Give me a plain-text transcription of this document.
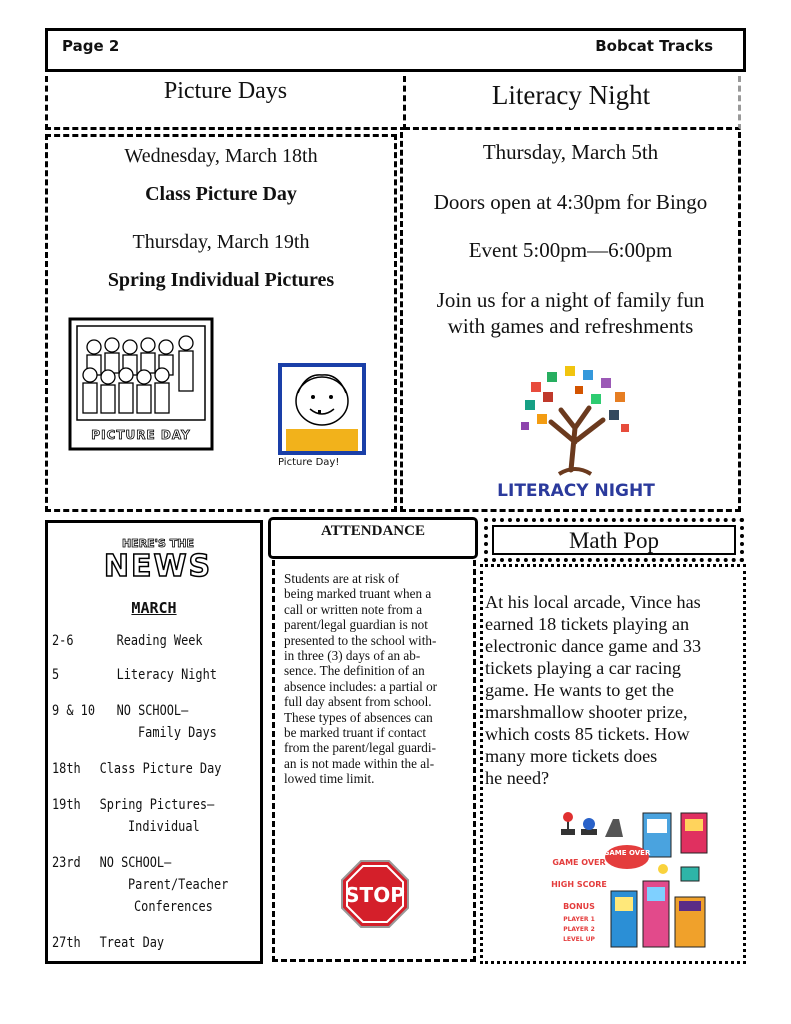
Page 2	Bobcat Tracks
Picture Days
Wednesday, March 18th
Class Picture Day
Thursday, March 19th
Spring Individual Pictures
PICTURE DAY
Picture Day!
Literacy Night
Thursday, March 5th
Doors open at 4:30pm for Bingo
Event 5:00pm—6:00pm
Join us for a night of family fun
with games and refreshments
LITERACY NIGHT
HERE'S THE
NEWS
MARCH
2-6	Reading Week
5	Literacy Night
9 & 10 NO SCHOOL—
Family Days
18th Class Picture Day
19th Spring Pictures—
Individual
23rd NO SCHOOL—
Parent/Teacher
Conferences
27th Treat Day
ATTENDANCE
Students are at risk of
being marked truant when a
call or written note from a
parent/legal guardian is not
presented to the school with-
in three (3) days of an ab-
sence. The definition of an
absence includes: a partial or
full day absent from school.
These types of absences can
be marked truant if contact
from the parent/legal guardi-
an is not made within the al-
lowed time limit.
STOP
Math Pop
At his local arcade, Vince has
earned 18 tickets playing an
electronic dance game and 33
tickets playing a car racing
game. He wants to get the
marshmallow shooter prize,
which costs 85 tickets. How
many more tickets does
he need?
GAME OVER
HIGH SCORE
GAME OVER
HIGH SCORE
BONUS
PLAYER 1
PLAYER 2
LEVEL UP
